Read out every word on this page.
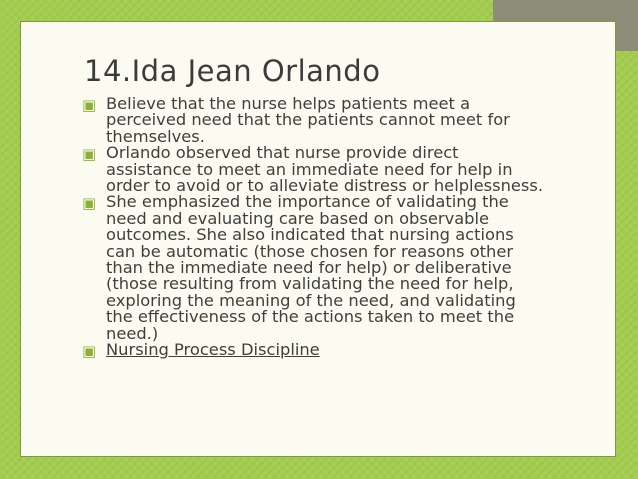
14.Ida Jean Orlando
▣ Believe that the nurse helps patients meet a perceived need that the patients cannot meet for themselves.
▣ Orlando observed that nurse provide direct assistance to meet an immediate need for help in order to avoid or to alleviate distress or helplessness.
▣ She emphasized the importance of validating the need and evaluating care based on observable outcomes. She also indicated that nursing actions can be automatic (those chosen for reasons other than the immediate need for help) or deliberative (those resulting from validating the need for help, exploring the meaning of the need, and validating the effectiveness of the actions taken to meet the need.)
▣ Nursing Process Discipline
